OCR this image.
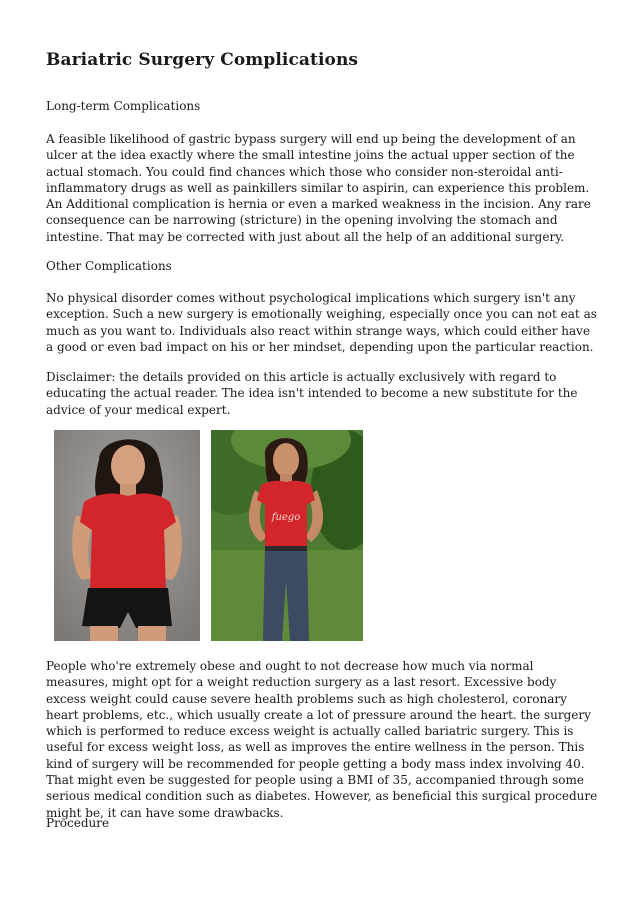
Bariatric Surgery Complications

Long-term Complications

A feasible likelihood of gastric bypass surgery will end up being the development of an ulcer at the idea exactly where the small intestine joins the actual upper section of the actual stomach. You could find chances which those who consider non-steroidal anti-inflammatory drugs as well as painkillers similar to aspirin, can experience this problem. An Additional complication is hernia or even a marked weakness in the incision. Any rare consequence can be narrowing (stricture) in the opening involving the stomach and intestine. That may be corrected with just about all the help of an additional surgery.

Other Complications

No physical disorder comes without psychological implications which surgery isn't any exception. Such a new surgery is emotionally weighing, especially once you can not eat as much as you want to. Individuals also react within strange ways, which could either have a good or even bad impact on his or her mindset, depending upon the particular reaction.

Disclaimer: the details provided on this article is actually exclusively with regard to educating the actual reader. The idea isn't intended to become a new substitute for the advice of your medical expert.

fuego

People who're extremely obese and ought to not decrease how much via normal measures, might opt for a weight reduction surgery as a last resort. Excessive body excess weight could cause severe health problems such as high cholesterol, coronary heart problems, etc., which usually create a lot of pressure around the heart. the surgery which is performed to reduce excess weight is actually called bariatric surgery. This is useful for excess weight loss, as well as improves the entire wellness in the person. This kind of surgery will be recommended for people getting a body mass index involving 40. That might even be suggested for people using a BMI of 35, accompanied through some serious medical condition such as diabetes. However, as beneficial this surgical procedure might be, it can have some drawbacks.

Procedure
